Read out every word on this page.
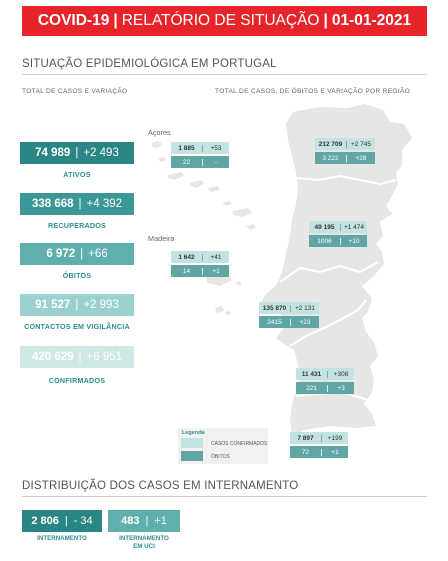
COVID-19 | RELATÓRIO DE SITUAÇÃO | 01-01-2021
SITUAÇÃO EPIDEMIOLÓGICA EM PORTUGAL
TOTAL DE CASOS E VARIAÇÃO	TOTAL DE CASOS, DE ÓBITOS E VARIAÇÃO POR REGIÃO
74 989 | +2 493
ATIVOS
338 668 | +4 392
RECUPERADOS
6 972 | +66
ÓBITOS
91 527 | +2 993
CONTACTOS EM VIGILÂNCIA
420 629 | +6 951
CONFIRMADOS
Açores
Madeira
1 885	+53
22	-
1 642	+41
14	+1
212 709	+2 745
3 222	+28
49 195	+1 474
1006	+10
135 870	+2 131
2415	+23
11 431	+308
221	+3
7 897	+199
72	+1
Legenda
CASOS CONFIRMADOS
ÓBITOS
DISTRIBUIÇÃO DOS CASOS EM INTERNAMENTO
2 806 | - 34
INTERNAMENTO
483 | +1
INTERNAMENTO
EM UCI
